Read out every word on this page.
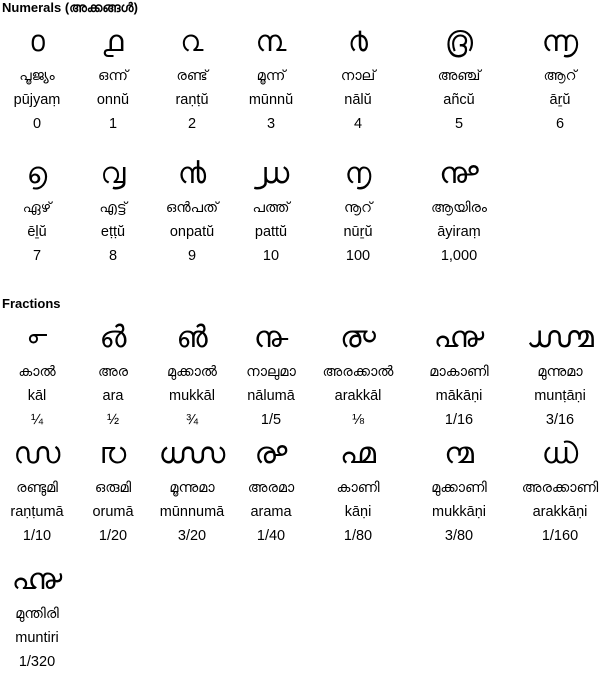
Numerals (അക്കങ്ങൾ)
൦
പൂജ്യം
pūjyaṃ
0
൧
ഒന്ന്
onnŭ
1
൨
രണ്ട്
raṇṭŭ
2
൩
മൂന്ന്
mūnnŭ
3
൪
നാല്
nālŭ
4
൫
അഞ്ച്
añcŭ
5
൬
ആറ്
āṟŭ
6
൭
ഏഴ്
ēḻŭ
7
൮
എട്ട്
eṭṭŭ
8
൯
ഒൻപത്
onpatŭ
9
൰
പത്ത്
pattŭ
10
൱
നൂറ്
nūṟŭ
100
൲
ആയിരം
āyiraṃ
1,000
Fractions
൳
കാൽ
kāl
¼
൴
അര
ara
½
൵
മുക്കാൽ
mukkāl
¾
൹
നാലുമാ
nālumā
1/5
൞
അരക്കാൽ
arakkāl
⅛
൷
മാകാണി
mākāṇi
1/16
൸
മുന്നുമാ
munṭāṇi
3/16
൜
രണ്ടുമി
raṇṭumā
1/10
൛
ഒരുമി
orumā
1/20
൝
മൂന്നുമാ
mūnnumā
3/20
൙
അരമാ
arama
1/40
൶
കാണി
kāṇi
1/80
൚
മുക്കാണി
mukkāṇi
3/80
൘
അരക്കാണി
arakkāṇi
1/160
൷
മുന്തിരി
muntiri
1/320
